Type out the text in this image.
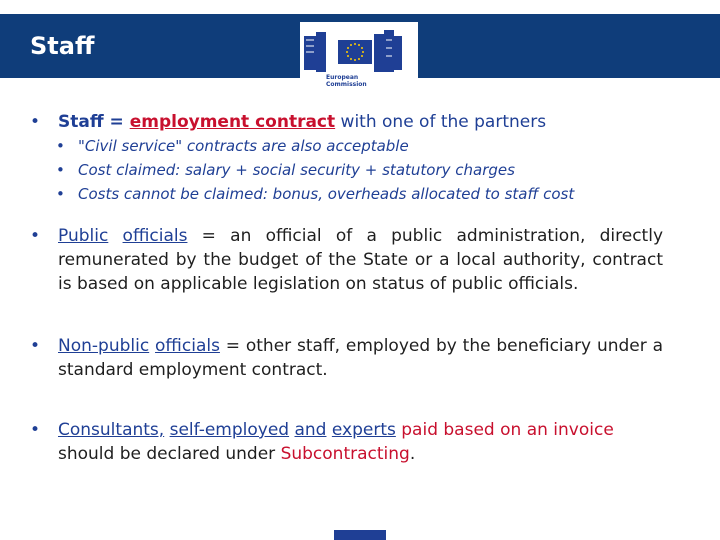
Staff
European
Commission
• Staff = employment contract with one of the partners
• "Civil service" contracts are also acceptable
• Cost claimed: salary + social security + statutory charges
• Costs cannot be claimed: bonus, overheads allocated to staff cost
• Public officials = an official of a public administration, directly remunerated by the budget of the State or a local authority, contract is based on applicable legislation on status of public officials.
• Non-public officials = other staff, employed by the beneficiary under a standard employment contract.
• Consultants, self-employed and experts paid based on an invoice should be declared under Subcontracting.
